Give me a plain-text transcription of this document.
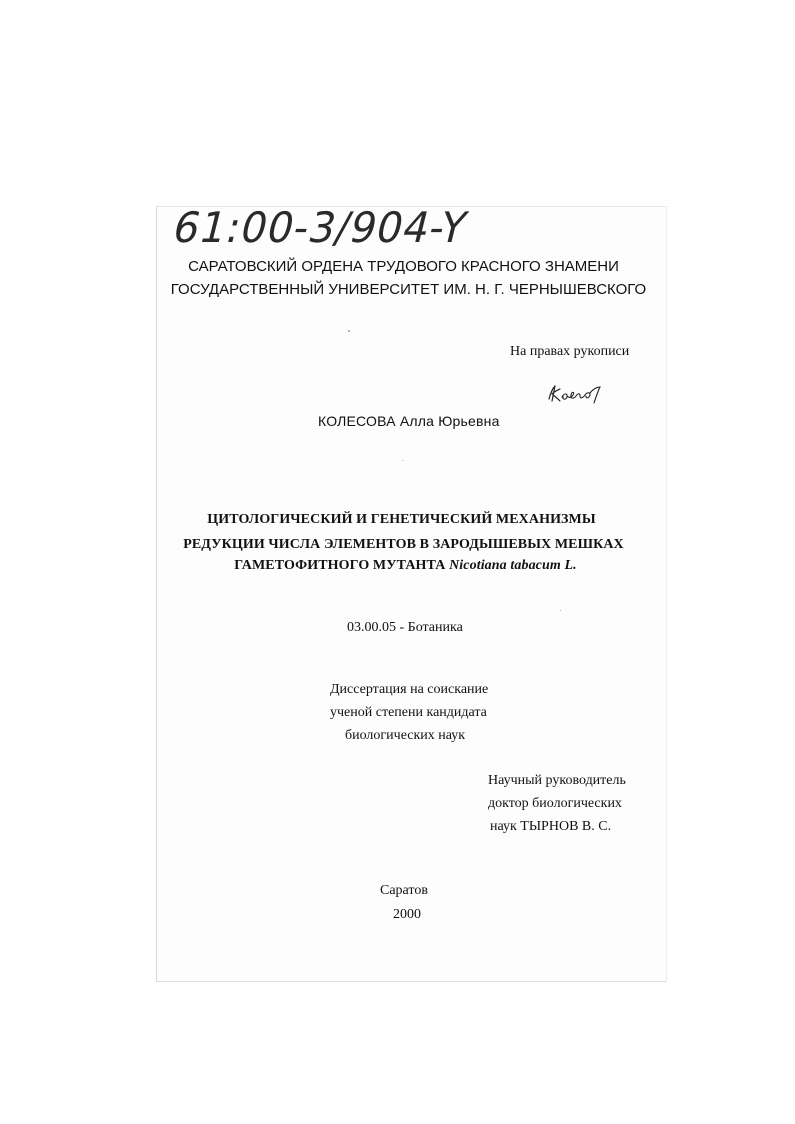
61:00-3/904-Y
САРАТОВСКИЙ ОРДЕНА ТРУДОВОГО КРАСНОГО ЗНАМЕНИ
ГОСУДАРСТВЕННЫЙ УНИВЕРСИТЕТ ИМ. Н. Г. ЧЕРНЫШЕВСКОГО
На правах рукописи
КОЛЕСОВА Алла Юрьевна
ЦИТОЛОГИЧЕСКИЙ И ГЕНЕТИЧЕСКИЙ МЕХАНИЗМЫ
РЕДУКЦИИ ЧИСЛА ЭЛЕМЕНТОВ В ЗАРОДЫШЕВЫХ МЕШКАХ
ГАМЕТОФИТНОГО МУТАНТА Nicotiana tabacum L.
03.00.05 - Ботаника
Диссертация на соискание
ученой степени кандидата
биологических наук
Научный руководитель
доктор биологических
наук ТЫРНОВ В. С.
Саратов
2000
